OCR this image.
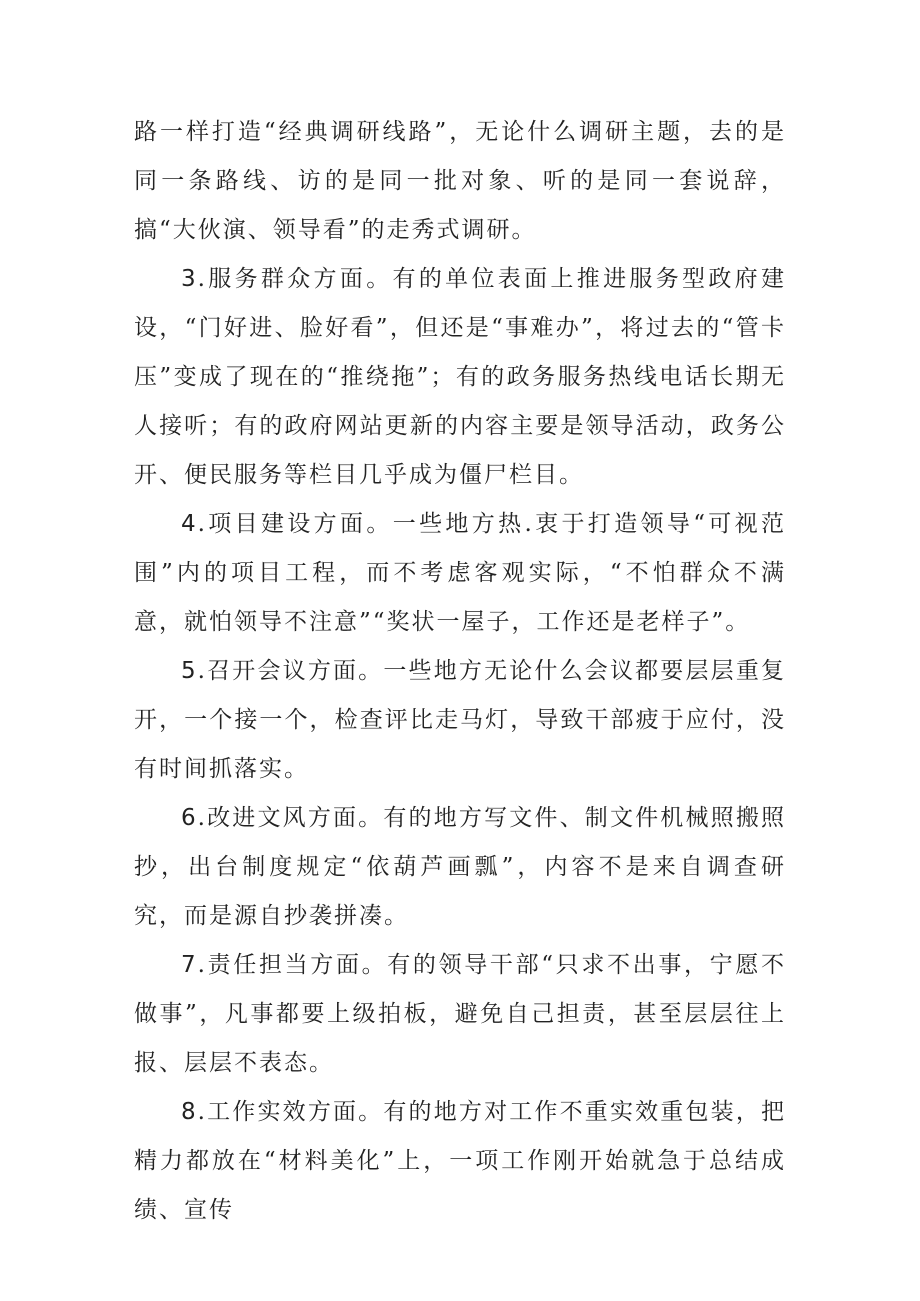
路一样打造“经典调研线路”，无论什么调研主题，去的是同一条路线、访的是同一批对象、听的是同一套说辞，搞“大伙演、领导看”的走秀式调研。

3.服务群众方面。有的单位表面上推进服务型政府建设，“门好进、脸好看”，但还是“事难办”，将过去的“管卡压”变成了现在的“推绕拖”；有的政务服务热线电话长期无人接听；有的政府网站更新的内容主要是领导活动，政务公开、便民服务等栏目几乎成为僵尸栏目。

4.项目建设方面。一些地方热.衷于打造领导“可视范围”内的项目工程，而不考虑客观实际，“不怕群众不满意，就怕领导不注意”“奖状一屋子，工作还是老样子”。

5.召开会议方面。一些地方无论什么会议都要层层重复开，一个接一个，检查评比走马灯，导致干部疲于应付，没有时间抓落实。

6.改进文风方面。有的地方写文件、制文件机械照搬照抄，出台制度规定“依葫芦画瓢”，内容不是来自调查研究，而是源自抄袭拼凑。

7.责任担当方面。有的领导干部“只求不出事，宁愿不做事”，凡事都要上级拍板，避免自己担责，甚至层层往上报、层层不表态。

8.工作实效方面。有的地方对工作不重实效重包装，把精力都放在“材料美化”上，一项工作刚开始就急于总结成绩、宣传
